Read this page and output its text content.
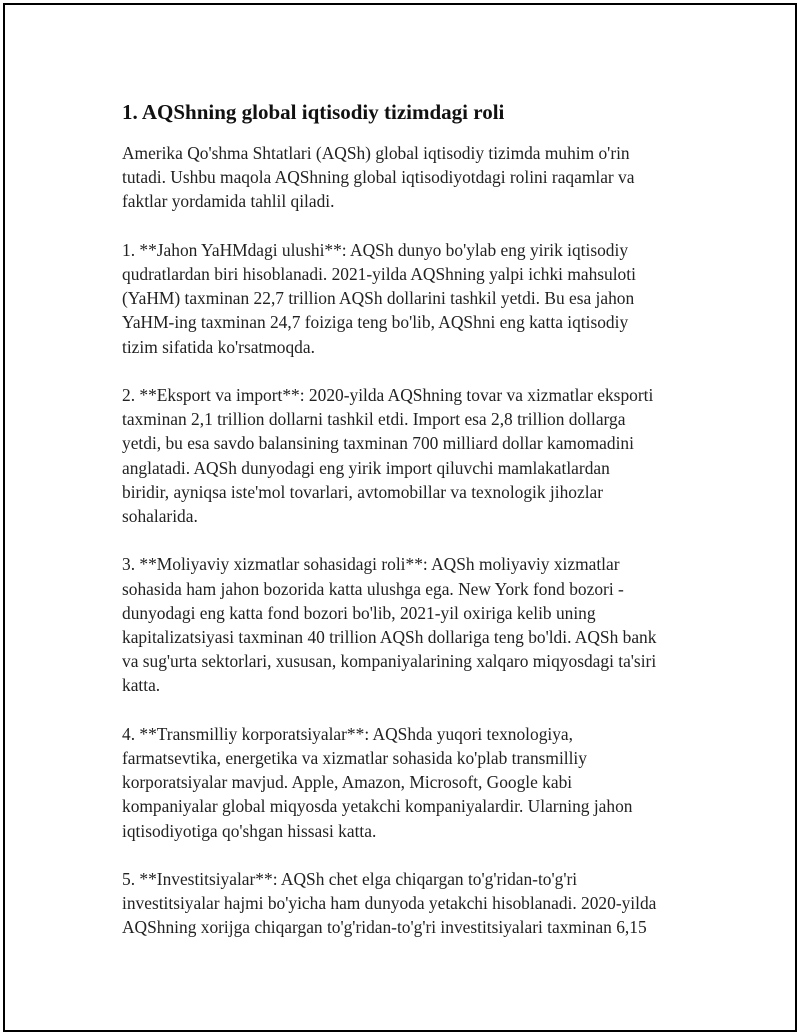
1. AQShning global iqtisodiy tizimdagi roli

Amerika Qo'shma Shtatlari (AQSh) global iqtisodiy tizimda muhim o'rin
tutadi. Ushbu maqola AQShning global iqtisodiyotdagi rolini raqamlar va
faktlar yordamida tahlil qiladi.

1. **Jahon YaHMdagi ulushi**: AQSh dunyo bo'ylab eng yirik iqtisodiy
qudratlardan biri hisoblanadi. 2021-yilda AQShning yalpi ichki mahsuloti
(YaHM) taxminan 22,7 trillion AQSh dollarini tashkil yetdi. Bu esa jahon
YaHM-ing taxminan 24,7 foiziga teng bo'lib, AQShni eng katta iqtisodiy
tizim sifatida ko'rsatmoqda.

2. **Eksport va import**: 2020-yilda AQShning tovar va xizmatlar eksporti
taxminan 2,1 trillion dollarni tashkil etdi. Import esa 2,8 trillion dollarga
yetdi, bu esa savdo balansining taxminan 700 milliard dollar kamomadini
anglatadi. AQSh dunyodagi eng yirik import qiluvchi mamlakatlardan
biridir, ayniqsa iste'mol tovarlari, avtomobillar va texnologik jihozlar
sohalarida.

3. **Moliyaviy xizmatlar sohasidagi roli**: AQSh moliyaviy xizmatlar
sohasida ham jahon bozorida katta ulushga ega. New York fond bozori -
dunyodagi eng katta fond bozori bo'lib, 2021-yil oxiriga kelib uning
kapitalizatsiyasi taxminan 40 trillion AQSh dollariga teng bo'ldi. AQSh bank
va sug'urta sektorlari, xususan, kompaniyalarining xalqaro miqyosdagi ta'siri
katta.

4. **Transmilliy korporatsiyalar**: AQShda yuqori texnologiya,
farmatsevtika, energetika va xizmatlar sohasida ko'plab transmilliy
korporatsiyalar mavjud. Apple, Amazon, Microsoft, Google kabi
kompaniyalar global miqyosda yetakchi kompaniyalardir. Ularning jahon
iqtisodiyotiga qo'shgan hissasi katta.

5. **Investitsiyalar**: AQSh chet elga chiqargan to'g'ridan-to'g'ri
investitsiyalar hajmi bo'yicha ham dunyoda yetakchi hisoblanadi. 2020-yilda
AQShning xorijga chiqargan to'g'ridan-to'g'ri investitsiyalari taxminan 6,15
